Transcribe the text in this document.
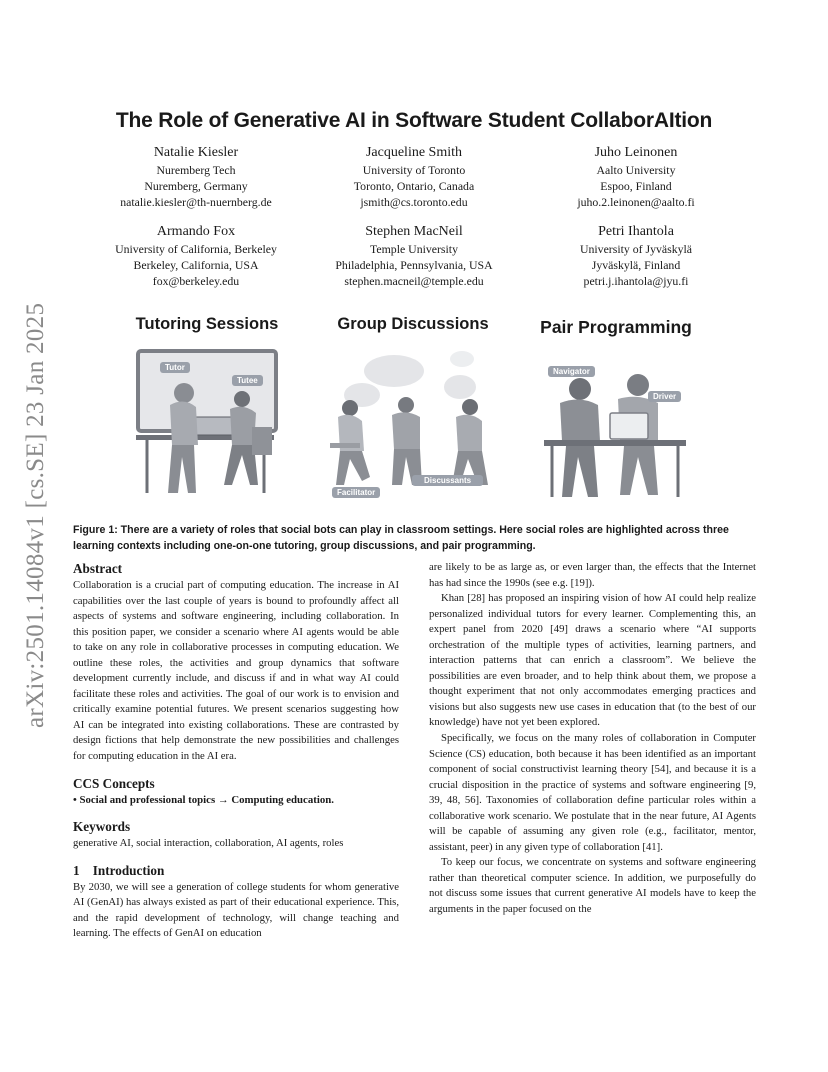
arXiv:2501.14084v1 [cs.SE] 23 Jan 2025
The Role of Generative AI in Software Student CollaborAItion
Natalie Kiesler
Nuremberg Tech
Nuremberg, Germany
natalie.kiesler@th-nuernberg.de
Jacqueline Smith
University of Toronto
Toronto, Ontario, Canada
jsmith@cs.toronto.edu
Juho Leinonen
Aalto University
Espoo, Finland
juho.2.leinonen@aalto.fi
Armando Fox
University of California, Berkeley
Berkeley, California, USA
fox@berkeley.edu
Stephen MacNeil
Temple University
Philadelphia, Pennsylvania, USA
stephen.macneil@temple.edu
Petri Ihantola
University of Jyväskylä
Jyväskylä, Finland
petri.j.ihantola@jyu.fi
Tutoring Sessions	Group Discussions	Pair Programming
Tutor
Tutee
Facilitator
Discussants
Navigator
Driver
Figure 1: There are a variety of roles that social bots can play in classroom settings. Here social roles are highlighted across three learning contexts including one-on-one tutoring, group discussions, and pair programming.

Abstract

Collaboration is a crucial part of computing education. The increase in AI capabilities over the last couple of years is bound to profoundly affect all aspects of systems and software engineering, including collaboration. In this position paper, we consider a scenario where AI agents would be able to take on any role in collaborative processes in computing education. We outline these roles, the activities and group dynamics that software development currently include, and discuss if and in what way AI could facilitate these roles and activities. The goal of our work is to envision and critically examine potential futures. We present scenarios suggesting how AI can be integrated into existing collaborations. These are contrasted by design fictions that help demonstrate the new possibilities and challenges for computing education in the AI era.

CCS Concepts

• Social and professional topics → Computing education.

Keywords

generative AI, social interaction, collaboration, AI agents, roles

1    Introduction

By 2030, we will see a generation of college students for whom generative AI (GenAI) has always existed as part of their educational experience. This, and the rapid development of technology, will change teaching and learning. The effects of GenAI on education

are likely to be as large as, or even larger than, the effects that the Internet has had since the 1990s (see e.g. [19]).

Khan [28] has proposed an inspiring vision of how AI could help realize personalized individual tutors for every learner. Complementing this, an expert panel from 2020 [49] draws a scenario where “AI supports orchestration of the multiple types of activities, learning partners, and interaction patterns that can enrich a classroom”. We believe the possibilities are even broader, and to help think about them, we propose a thought experiment that not only accommodates emerging practices and visions but also suggests new use cases in education that (to the best of our knowledge) have not yet been explored.

Specifically, we focus on the many roles of collaboration in Computer Science (CS) education, both because it has been identified as an important component of social constructivist learning theory [54], and because it is a crucial disposition in the practice of systems and software engineering [9, 39, 48, 56]. Taxonomies of collaboration define particular roles within a collaborative work scenario. We postulate that in the near future, AI Agents will be capable of assuming any given role (e.g., facilitator, mentor, assistant, peer) in any given type of collaboration [41].

To keep our focus, we concentrate on systems and software engineering rather than theoretical computer science. In addition, we purposefully do not discuss some issues that current generative AI models have to keep the arguments in the paper focused on the
